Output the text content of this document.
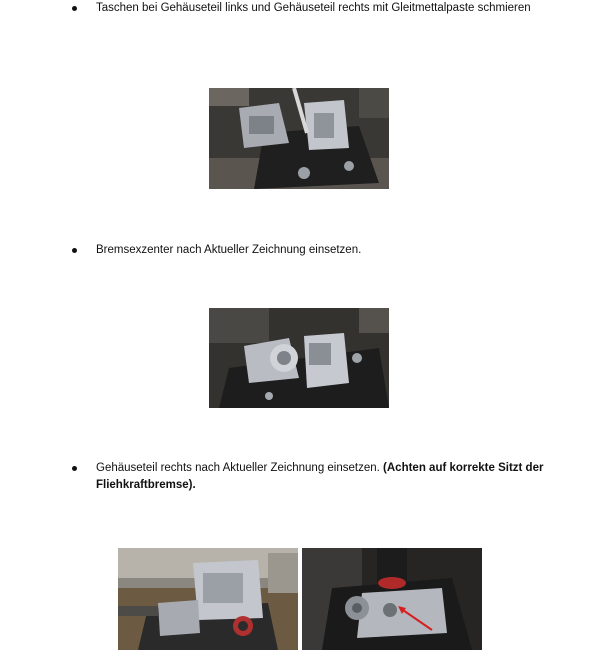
Taschen bei Gehäuseteil links und Gehäuseteil rechts mit Gleitmettalpaste schmieren
Bremsexzenter nach Aktueller Zeichnung einsetzen.
Gehäuseteil rechts nach Aktueller Zeichnung einsetzen. (Achten auf korrekte Sitzt der Fliehkraftbremse).
